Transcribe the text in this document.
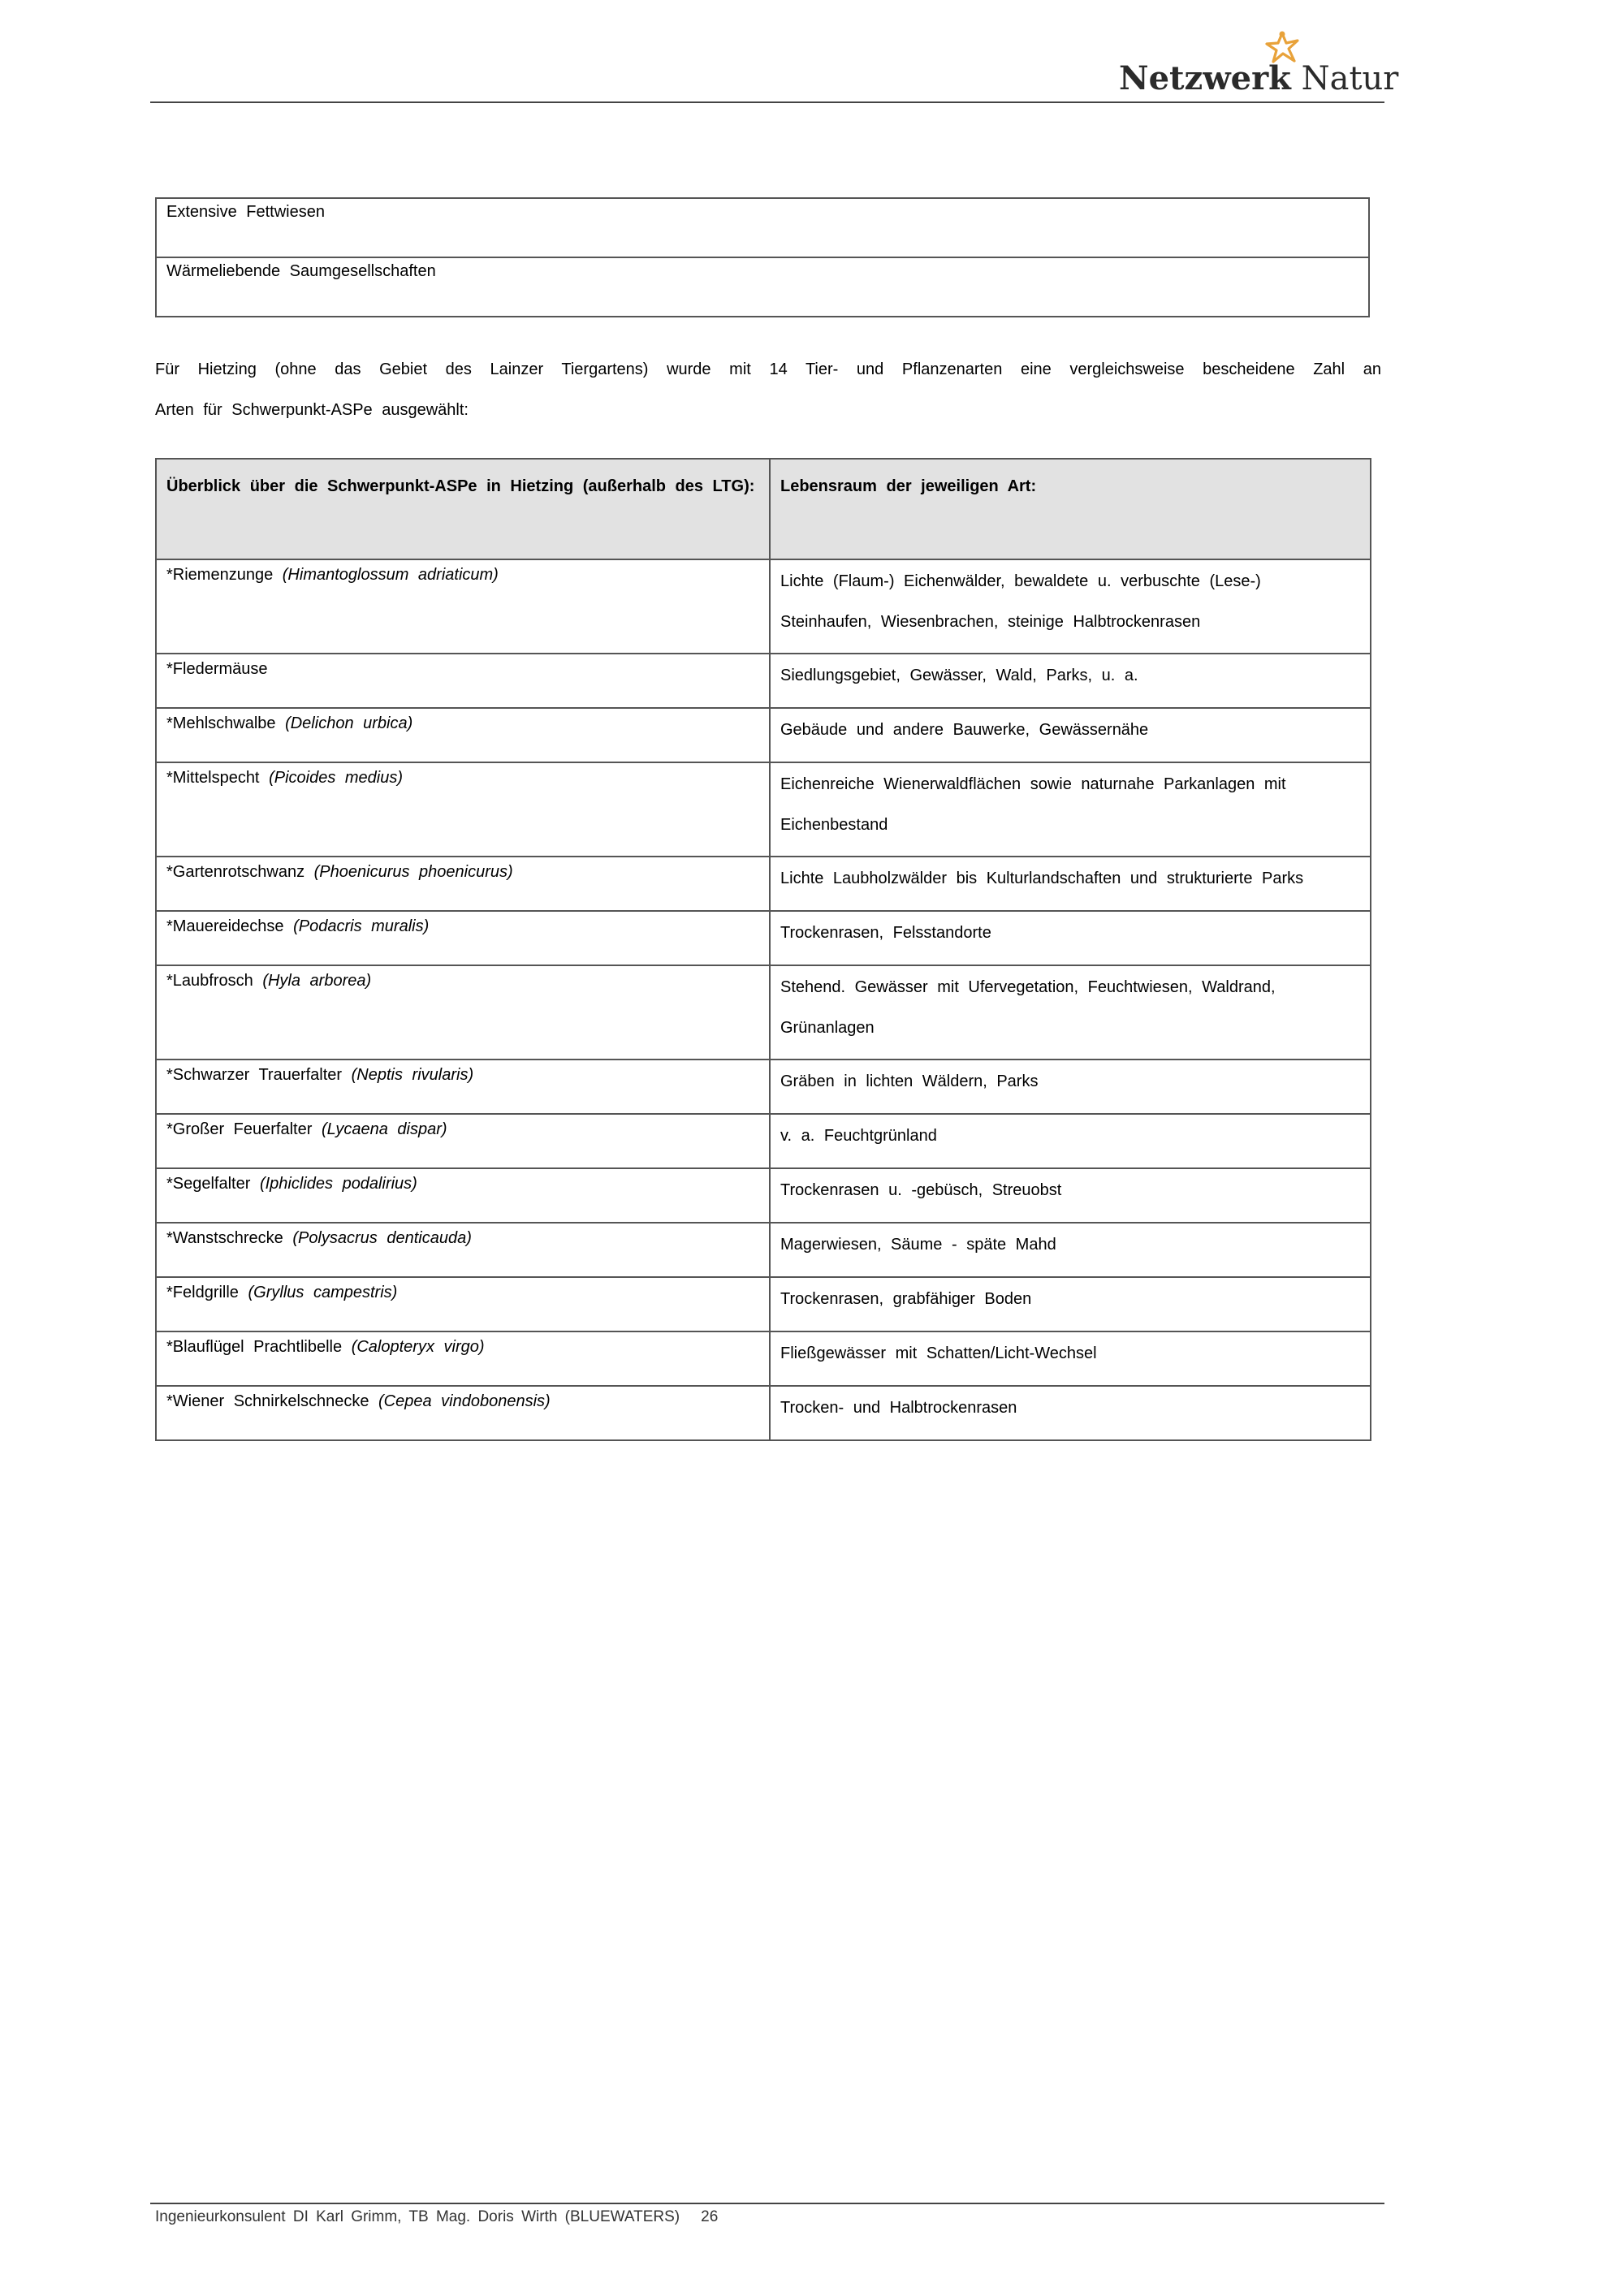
Netzwerk Natur
Extensive Fettwiesen
Wärmeliebende Saumgesellschaften
Für Hietzing (ohne das Gebiet des Lainzer Tiergartens) wurde mit 14 Tier- und Pflanzenarten eine vergleichsweise bescheidene Zahl an
Arten für Schwerpunkt-ASPe ausgewählt:
Überblick über die Schwerpunkt-ASPe in Hietzing (außerhalb des LTG):	Lebensraum der jeweiligen Art:

*Riemenzunge (Himantoglossum adriaticum)	Lichte (Flaum-) Eichenwälder, bewaldete u. verbuschte (Lese-) Steinhaufen, Wiesenbrachen, steinige Halbtrockenrasen

*Fledermäuse	Siedlungsgebiet, Gewässer, Wald, Parks, u. a.

*Mehlschwalbe (Delichon urbica)	Gebäude und andere Bauwerke, Gewässernähe

*Mittelspecht (Picoides medius)	Eichenreiche Wienerwaldflächen sowie naturnahe Parkanlagen mit Eichenbestand

*Gartenrotschwanz (Phoenicurus phoenicurus)	Lichte Laubholzwälder bis Kulturlandschaften und strukturierte Parks

*Mauereidechse (Podacris muralis)	Trockenrasen, Felsstandorte

*Laubfrosch (Hyla arborea)	Stehend. Gewässer mit Ufervegetation, Feuchtwiesen, Waldrand, Grünanlagen

*Schwarzer Trauerfalter (Neptis rivularis)	Gräben in lichten Wäldern, Parks

*Großer Feuerfalter (Lycaena dispar)	v. a. Feuchtgrünland

*Segelfalter (Iphiclides podalirius)	Trockenrasen u. -gebüsch, Streuobst

*Wanstschrecke (Polysacrus denticauda)	Magerwiesen, Säume - späte Mahd

*Feldgrille (Gryllus campestris)	Trockenrasen, grabfähiger Boden

*Blauflügel Prachtlibelle (Calopteryx virgo)	Fließgewässer mit Schatten/Licht-Wechsel

*Wiener Schnirkelschnecke (Cepea vindobonensis)	Trocken- und Halbtrockenrasen
Ingenieurkonsulent DI Karl Grimm, TB Mag. Doris Wirth (BLUEWATERS) 26
